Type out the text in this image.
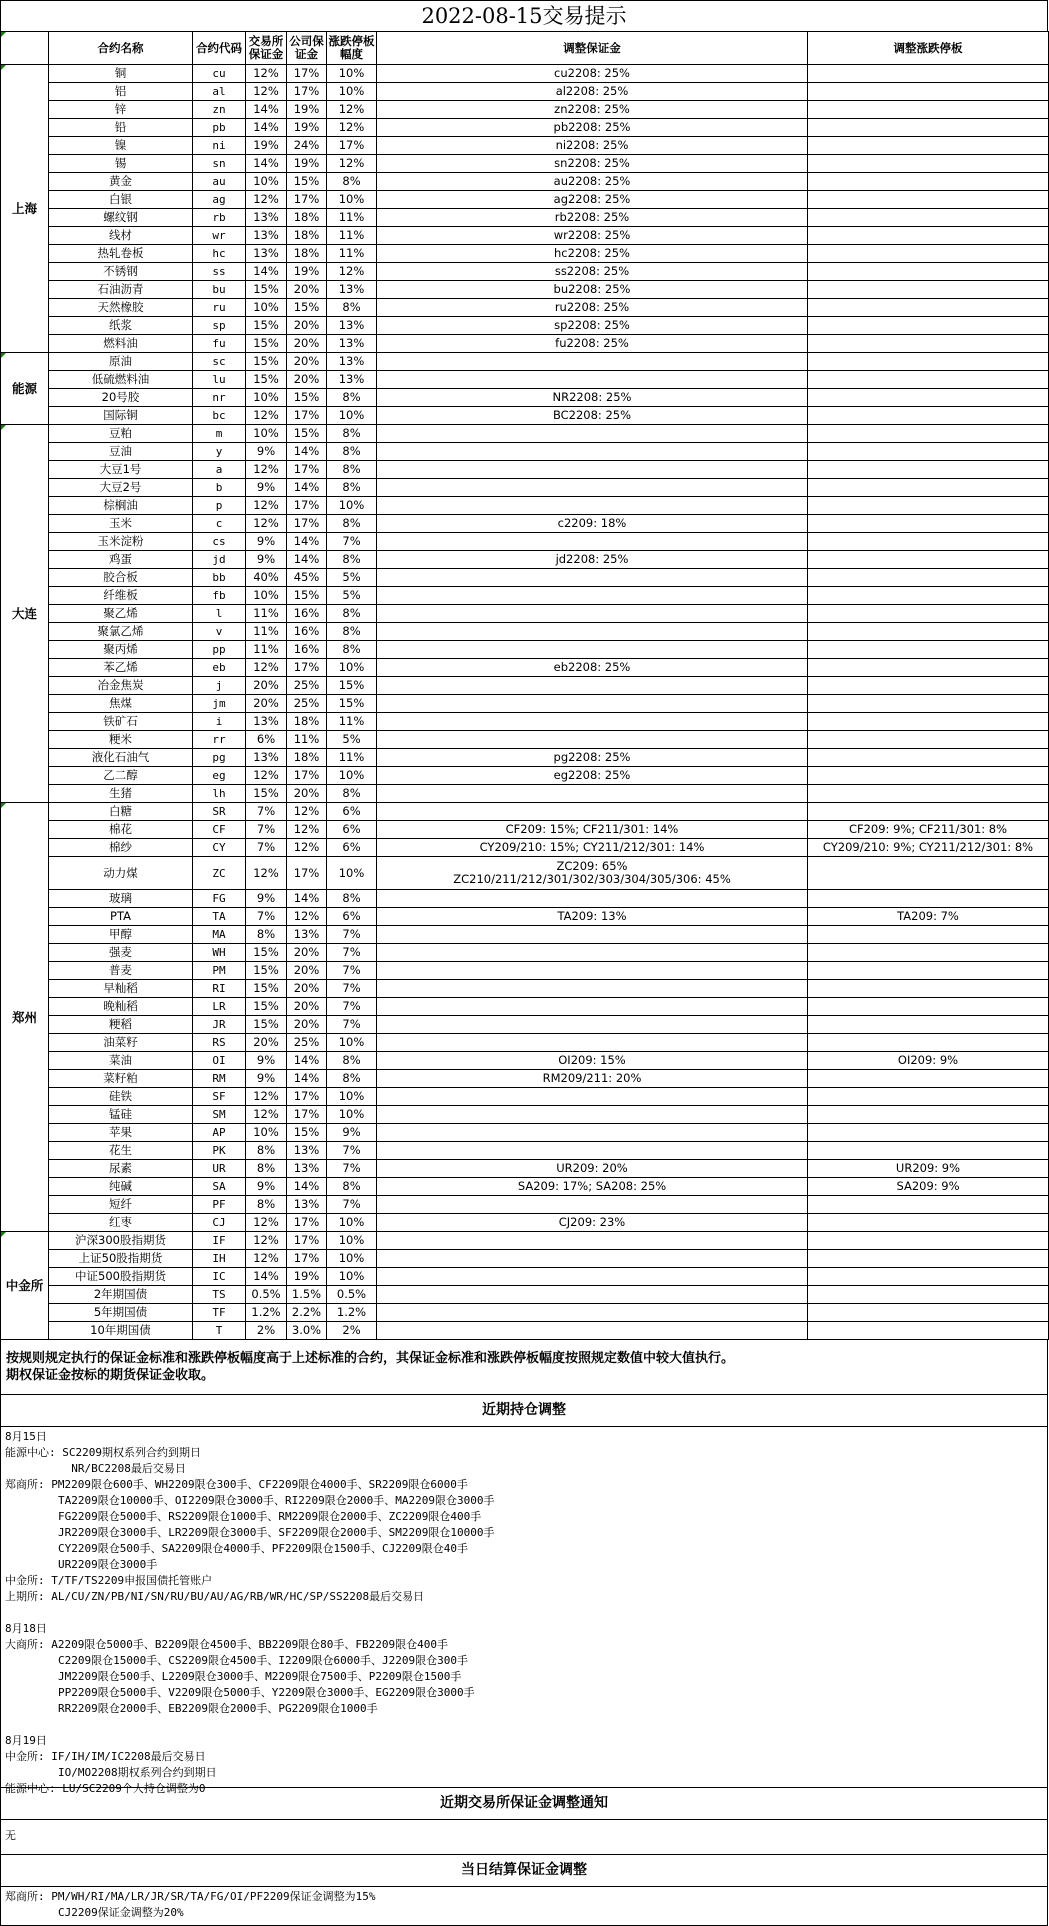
2022-08-15交易提示
	合约名称	合约代码	交易所保证金	公司保证金	涨跌停板幅度	调整保证金	调整涨跌停板

上海	铜	cu	12%	17%	10%	cu2208: 25%	
	铝	al	12%	17%	10%	al2208: 25%	
	锌	zn	14%	19%	12%	zn2208: 25%	
	铅	pb	14%	19%	12%	pb2208: 25%	
	镍	ni	19%	24%	17%	ni2208: 25%	
	锡	sn	14%	19%	12%	sn2208: 25%	
	黄金	au	10%	15%	8%	au2208: 25%	
	白银	ag	12%	17%	10%	ag2208: 25%	
	螺纹钢	rb	13%	18%	11%	rb2208: 25%	
	线材	wr	13%	18%	11%	wr2208: 25%	
	热轧卷板	hc	13%	18%	11%	hc2208: 25%	
	不锈钢	ss	14%	19%	12%	ss2208: 25%	
	石油沥青	bu	15%	20%	13%	bu2208: 25%	
	天然橡胶	ru	10%	15%	8%	ru2208: 25%	
	纸浆	sp	15%	20%	13%	sp2208: 25%	
	燃料油	fu	15%	20%	13%	fu2208: 25%	

能源	原油	sc	15%	20%	13%		
	低硫燃料油	lu	15%	20%	13%		
	20号胶	nr	10%	15%	8%	NR2208: 25%	
	国际铜	bc	12%	17%	10%	BC2208: 25%	

大连	豆粕	m	10%	15%	8%		
	豆油	y	9%	14%	8%		
	大豆1号	a	12%	17%	8%		
	大豆2号	b	9%	14%	8%		
	棕榈油	p	12%	17%	10%		
	玉米	c	12%	17%	8%	c2209: 18%	
	玉米淀粉	cs	9%	14%	7%		
	鸡蛋	jd	9%	14%	8%	jd2208: 25%	
	胶合板	bb	40%	45%	5%		
	纤维板	fb	10%	15%	5%		
	聚乙烯	l	11%	16%	8%		
	聚氯乙烯	v	11%	16%	8%		
	聚丙烯	pp	11%	16%	8%		
	苯乙烯	eb	12%	17%	10%	eb2208: 25%	
	冶金焦炭	j	20%	25%	15%		
	焦煤	jm	20%	25%	15%		
	铁矿石	i	13%	18%	11%		
	粳米	rr	6%	11%	5%		
	液化石油气	pg	13%	18%	11%	pg2208: 25%	
	乙二醇	eg	12%	17%	10%	eg2208: 25%	
	生猪	lh	15%	20%	8%		

郑州	白糖	SR	7%	12%	6%		
	棉花	CF	7%	12%	6%	CF209: 15%; CF211/301: 14%	CF209: 9%; CF211/301: 8%
	棉纱	CY	7%	12%	6%	CY209/210: 15%; CY211/212/301: 14%	CY209/210: 9%; CY211/212/301: 8%
	动力煤	ZC	12%	17%	10%	ZC209: 65%
ZC210/211/212/301/302/303/304/305/306: 45%	

	玻璃	FG	9%	14%	8%		
	PTA	TA	7%	12%	6%	TA209: 13%	TA209: 7%
	甲醇	MA	8%	13%	7%		
	强麦	WH	15%	20%	7%		
	普麦	PM	15%	20%	7%		
	早籼稻	RI	15%	20%	7%		
	晚籼稻	LR	15%	20%	7%		
	粳稻	JR	15%	20%	7%		
	油菜籽	RS	20%	25%	10%		
	菜油	OI	9%	14%	8%	OI209: 15%	OI209: 9%
	菜籽粕	RM	9%	14%	8%	RM209/211: 20%	
	硅铁	SF	12%	17%	10%		
	锰硅	SM	12%	17%	10%		
	苹果	AP	10%	15%	9%		
	花生	PK	8%	13%	7%		
	尿素	UR	8%	13%	7%	UR209: 20%	UR209: 9%
	纯碱	SA	9%	14%	8%	SA209: 17%; SA208: 25%	SA209: 9%
	短纤	PF	8%	13%	7%		
	红枣	CJ	12%	17%	10%	CJ209: 23%	

中金所	沪深300股指期货	IF	12%	17%	10%		
	上证50股指期货	IH	12%	17%	10%		
	中证500股指期货	IC	14%	19%	10%		
	2年期国债	TS	0.5%	1.5%	0.5%		
	5年期国债	TF	1.2%	2.2%	1.2%		
	10年期国债	T	2%	3.0%	2%		
按规则规定执行的保证金标准和涨跌停板幅度高于上述标准的合约，其保证金标准和涨跌停板幅度按照规定数值中较大值执行。
期权保证金按标的期货保证金收取。
近期持仓调整
8月15日
能源中心: SC2209期权系列合约到期日
NR/BC2208最后交易日
郑商所: PM2209限仓600手、WH2209限仓300手、CF2209限仓4000手、SR2209限仓6000手
TA2209限仓10000手、OI2209限仓3000手、RI2209限仓2000手、MA2209限仓3000手
FG2209限仓5000手、RS2209限仓1000手、RM2209限仓2000手、ZC2209限仓400手
JR2209限仓3000手、LR2209限仓3000手、SF2209限仓2000手、SM2209限仓10000手
CY2209限仓500手、SA2209限仓4000手、PF2209限仓1500手、CJ2209限仓40手
UR2209限仓3000手
中金所: T/TF/TS2209申报国债托管账户
上期所: AL/CU/ZN/PB/NI/SN/RU/BU/AU/AG/RB/WR/HC/SP/SS2208最后交易日
8月18日
大商所: A2209限仓5000手、B2209限仓4500手、BB2209限仓80手、FB2209限仓400手
C2209限仓15000手、CS2209限仓4500手、I2209限仓6000手、J2209限仓300手
JM2209限仓500手、L2209限仓3000手、M2209限仓7500手、P2209限仓1500手
PP2209限仓5000手、V2209限仓5000手、Y2209限仓3000手、EG2209限仓3000手
RR2209限仓2000手、EB2209限仓2000手、PG2209限仓1000手
8月19日
中金所: IF/IH/IM/IC2208最后交易日
IO/MO2208期权系列合约到期日
能源中心: LU/SC2209个人持仓调整为0
近期交易所保证金调整通知
无
当日结算保证金调整
郑商所: PM/WH/RI/MA/LR/JR/SR/TA/FG/OI/PF2209保证金调整为15%
CJ2209保证金调整为20%
